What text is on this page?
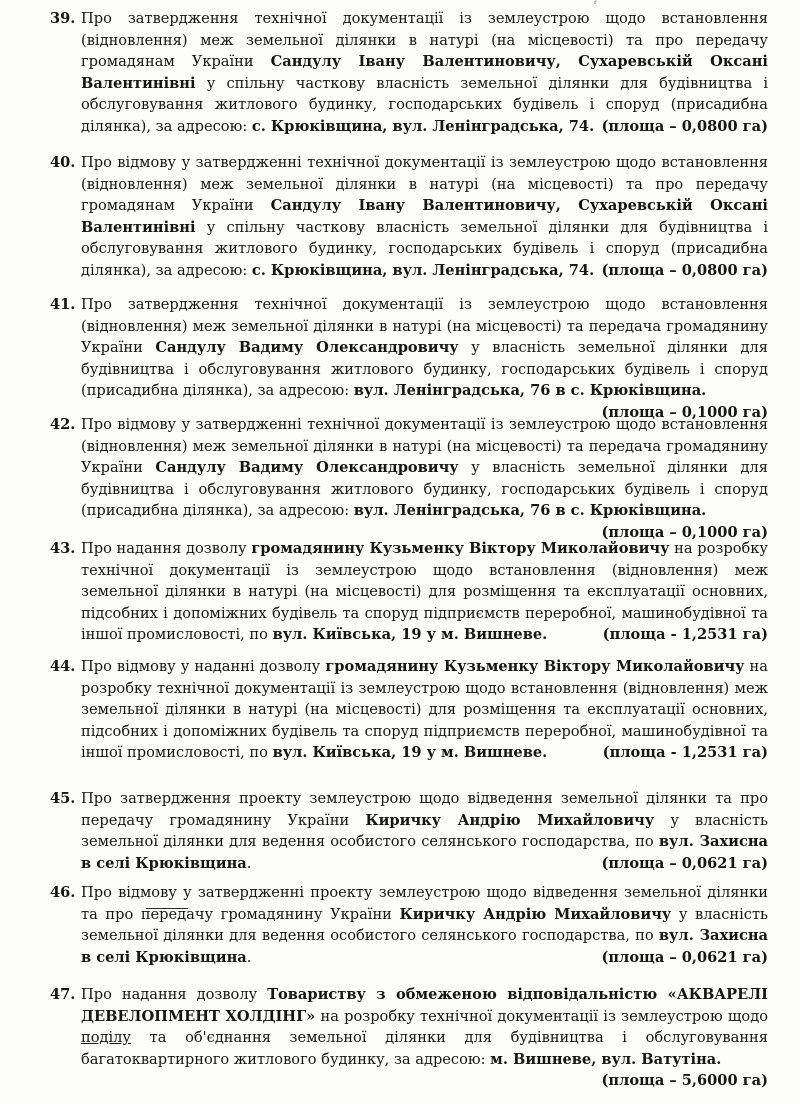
ᶠ
39. Про затвердження технічної документації із землеустрою щодо встановлення (відновлення) меж земельної ділянки в натурі (на місцевості) та про передачу громадянам України Сандулу Івану Валентиновичу, Сухаревській Оксані Валентинівні у спільну часткову власність земельної ділянки для будівництва і обслуговування житлового будинку, господарських будівель і споруд (присадибна ділянка), за адресою: с. Крюківщина, вул. Ленінградська, 74. (площа – 0,0800 га)
40. Про відмову у затвердженні технічної документації із землеустрою щодо встановлення (відновлення) меж земельної ділянки в натурі (на місцевості) та про передачу громадянам України Сандулу Івану Валентиновичу, Сухаревській Оксані Валентинівні у спільну часткову власність земельної ділянки для будівництва і обслуговування житлового будинку, господарських будівель і споруд (присадибна ділянка), за адресою: с. Крюківщина, вул. Ленінградська, 74. (площа – 0,0800 га)
41. Про затвердження технічної документації із землеустрою щодо встановлення (відновлення) меж земельної ділянки в натурі (на місцевості) та передача громадянину України Сандулу Вадиму Олександровичу у власність земельної ділянки для будівництва і обслуговування житлового будинку, господарських будівель і споруд (присадибна ділянка), за адресою: вул. Ленінградська, 76 в с. Крюківщина.
(площа – 0,1000 га)
42. Про відмову у затвердженні технічної документації із землеустрою щодо встановлення (відновлення) меж земельної ділянки в натурі (на місцевості) та передача громадянину України Сандулу Вадиму Олександровичу у власність земельної ділянки для будівництва і обслуговування житлового будинку, господарських будівель і споруд (присадибна ділянка), за адресою: вул. Ленінградська, 76 в с. Крюківщина.
(площа – 0,1000 га)
43. Про надання дозволу громадянину Кузьменку Віктору Миколайовичу на розробку технічної документації із землеустрою щодо встановлення (відновлення) меж земельної ділянки в натурі (на місцевості) для розміщення та експлуатації основних, підсобних і допоміжних будівель та споруд підприємств переробної, машинобудівної та іншої промисловості, по вул. Київська, 19 у м. Вишневе.	(площа - 1,2531 га)
44. Про відмову у наданні дозволу громадянину Кузьменку Віктору Миколайовичу на розробку технічної документації із землеустрою щодо встановлення (відновлення) меж земельної ділянки в натурі (на місцевості) для розміщення та експлуатації основних, підсобних і допоміжних будівель та споруд підприємств переробної, машинобудівної та іншої промисловості, по вул. Київська, 19 у м. Вишневе.	(площа - 1,2531 га)
45. Про затвердження проекту землеустрою щодо відведення земельної ділянки та про передачу громадянину України Киричку Андрію Михайловичу у власність земельної ділянки для ведення особистого селянського господарства, по вул. Захисна в селі Крюківщина.	(площа – 0,0621 га)
46. Про відмову у затвердженні проекту землеустрою щодо відведення земельної ділянки та про передачу громадянину України Киричку Андрію Михайловичу у власність земельної ділянки для ведення особистого селянського господарства, по вул. Захисна в селі Крюківщина.	(площа – 0,0621 га)
47. Про надання дозволу Товариству з обмеженою відповідальністю «АКВАРЕЛІ ДЕВЕЛОПМЕНТ ХОЛДІНГ» на розробку технічної документації із землеустрою щодо поділу та об'єднання земельної ділянки для будівництва і обслуговування багатоквартирного житлового будинку, за адресою: м. Вишневе, вул. Ватутіна.
(площа – 5,6000 га)
